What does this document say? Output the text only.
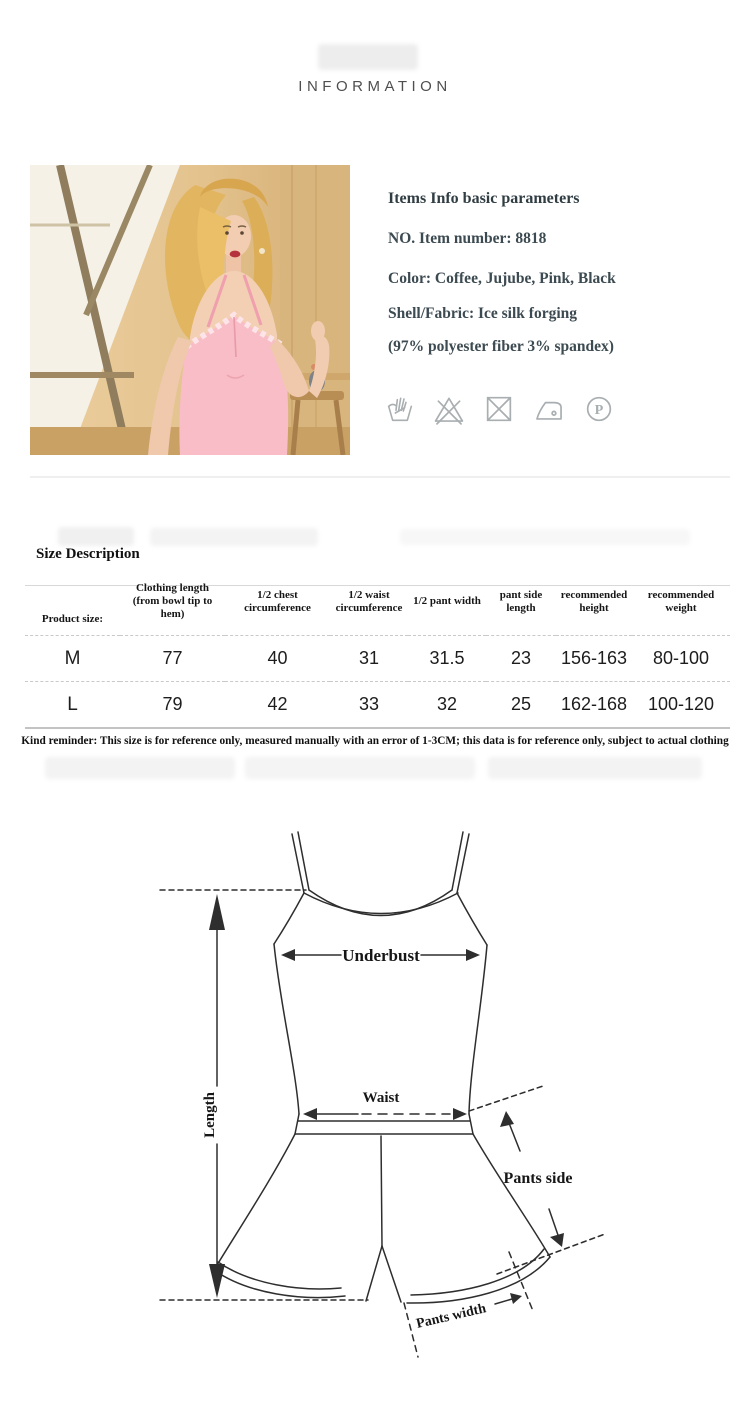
INFORMATION
Items Info basic parameters
NO. Item number: 8818
Color: Coffee, Jujube, Pink, Black
Shell/Fabric: Ice silk forging
(97% polyester fiber 3% spandex)
P
Size Description
Product size:	Clothing length (from bowl tip to hem)	1/2 chest circumference	1/2 waist circumference	1/2 pant width	pant side length	recommended height	recommended weight
M	77	40	31	31.5	23	156-163	80-100
L	79	42	33	32	25	162-168	100-120
Kind reminder: This size is for reference only, measured manually with an error of 1-3CM; this data is for reference only, subject to actual clothing
Underbust
Waist
Length
Pants side
Pants width
